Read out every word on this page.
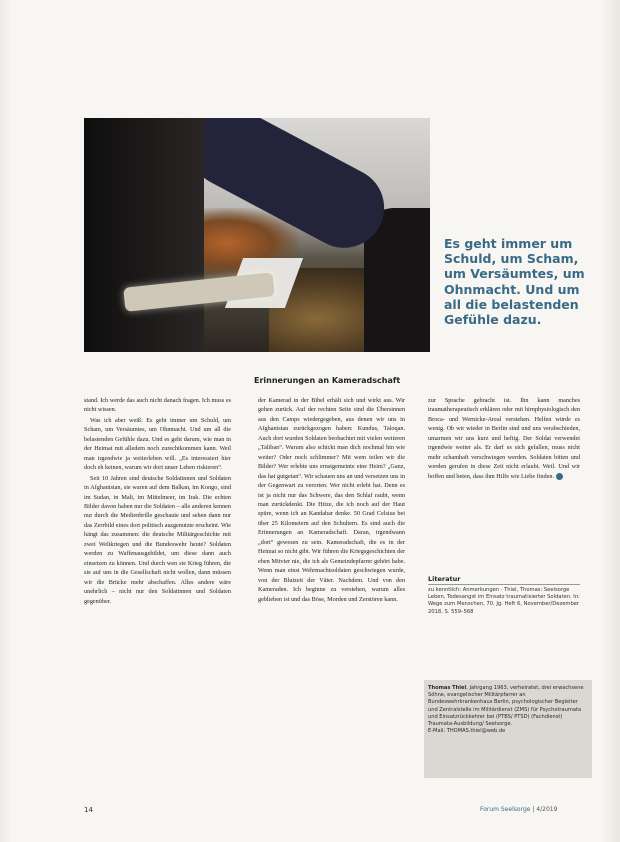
Es geht immer um Schuld, um Scham, um Versäumtes, um Ohnmacht. Und um all die belastenden Gefühle dazu.
Erinnerungen an Kameradschaft

stand. Ich werde das auch nicht danach fragen. Ich muss es nicht wissen.

Was ich aber weiß: Es geht immer um Schuld, um Scham, um Versäumtes, um Ohnmacht. Und um all die belastenden Gefühle dazu. Und es geht darum, wie man in der Heimat mit alledem noch zurechtkommen kann. Weil man irgendwie ja weiterleben will. „Es interessiert hier doch eh keinen, warum wir dort unser Leben riskieren“.

Seit 10 Jahren sind deutsche Soldatinnen und Soldaten in Afghanistan, sie waren auf dem Balkan, im Kongo, sind im Sudan, in Mali, im Mittelmeer, im Irak. Die echten Bilder davon haben nur die Soldaten – alle anderen kennen nur durch die Medienbrille geschaute und sehen dann nur das Zerrbild eines dort politisch ausgenutzte erscheint. Wie hängt das zusammen: die deutsche Militärgeschichte mit zwei Weltkriegen und die Bundeswehr heute? Soldaten werden zu Waffenausgebildet, um diese dann auch einsetzen zu können. Und durch wen sie Krieg führen, die sie auf uns in die Gesellschaft nicht wollen, dann müssen wir die Brücke mehr abschaffen. Alles andere wäre unehrlich – nicht nur den Soldatinnen und Soldaten gegenüber.

der Kamerad in der Bibel erhält sich und wirkt aus. Wir gehen zurück. Auf der rechten Seite sind die Übersinnen aus den Camps wiedergegeben, aus denen wir uns in Afghanistan zurückgezogen haben: Kundus, Taloqan. Auch dort wurden Soldaten beobachtet mit vielen weiteren „Taliban“. Warum also schickt man dich nochmal hin wie weiter? Oder noch schlimmer? Mit wem teilen wir die Bilder? Wer erlebte uns ernstgemeinte eine Heim? „Ganz, das hat gutgetan“. Wir schauen uns an und versetzen uns in der Gegenwart zu verorten. Wer nicht erlebt hat. Denn es ist ja nicht nur das Schwere, das den Schlaf raubt, wenn man zurückdenkt. Die Hitze, die ich noch auf der Haut spüre, wenn ich an Kandahar denke. 50 Grad Celsius bei über 25 Kilometern auf den Schultern. Es sind auch die Erinnerungen an Kameradschaft. Daran, irgendwann „dort“ gewesen zu sein. Kameradschaft, die es in der Heimat so nicht gibt. Wir führen die Kriegsgeschichten der eben Mitvier nie, die ich als Gemeindepfarrer gehört habe. Wenn man einst Wehrmachtsoldaten geschwiegen wurde, von der Blutzeit der Väter. Nachdem. Und von den Kameraden. Ich beginne zu verstehen, warum alles geblieben ist und das Böse, Morden und Zerstören kann.

zur Sprache gebracht ist. Ihn kann manches traumatherapeutisch erklären oder mit hirnphysiologisch den Broca- und Wernicke-Areal verstehen. Helfen würde es wenig. Ob wir wieder in Berlin sind und uns verabschieden, umarmen wir uns kurz und heftig. Der Soldat verwendet irgendwie weiter als. Er darf es sich gefallen, muss nicht mehr schamhaft verschwiegen werden. Soldaten bitten und werden gerufen in diese Zeit nicht erlaubt. Weil. Und wir hoffen und beten, dass ihm Hilfe wie Liebe finden.

Literatur
zu kenntlich: Anmerkungen · Thiel, Thomas: Seelsorge Leben, Todesangst im Einsatz traumatisierter Soldaten. In: Wege zum Menschen, 70. Jg. Heft 6, November/Dezember 2018, S. 559–568
Thomas Thiel, Jahrgang 1963, verheiratet, drei erwachsene Söhne, evangelischer Militärpfarrer an Bundeswehrkrankenhaus Berlin, psychologischer Begleiter und Zentralstelle im Militärdienst (ZMS) für Psychotraumata und Einsatzrückkehrer bei (PTBS/ PTSD) (Fachdienst) Traumata-Ausbildung/ Seelsorge.
E-Mail: THOMAS.thiel@web.de
14	Forum Seelsorge | 4/2019
